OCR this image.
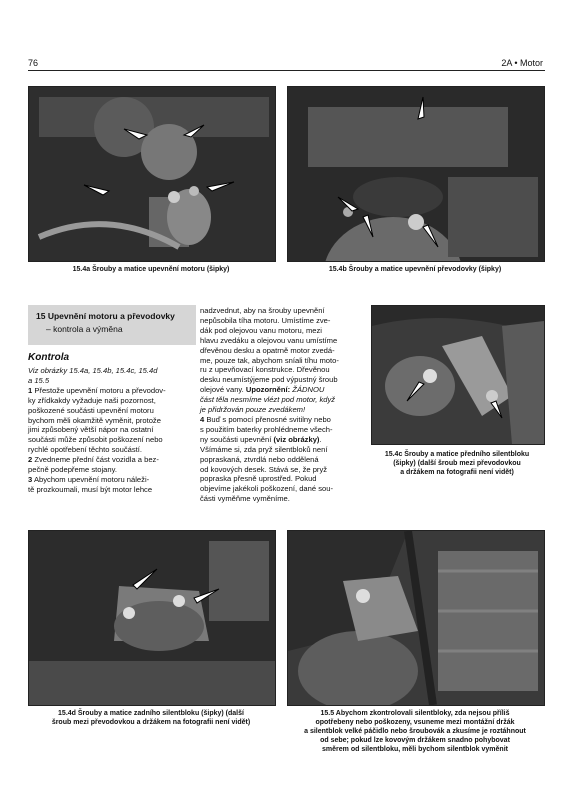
76	2A • Motor
15.4a Šrouby a matice upevnění motoru (šipky)	15.4b Šrouby a matice upevnění převodovky (šipky)
15 Upevnění motoru a převodovky
– kontrola a výměna
Kontrola

Viz obrázky 15.4a, 15.4b, 15.4c, 15.4d

a 15.5

1 Přestože upevnění motoru a převodov-

ky zřídkakdy vyžaduje naši pozornost,

poškozené součásti upevnění motoru

bychom měli okamžitě vyměnit, protože

jimi způsobený větší nápor na ostatní

součásti může způsobit poškození nebo

rychlé opotřebení těchto součástí.

2 Zvedneme přední část vozidla a bez-

pečně podepřeme stojany.

3 Abychom upevnění motoru náleži-

tě prozkoumali, musí být motor lehce

nadzvednut, aby na šrouby upevnění

nepůsobila tíha motoru. Umístíme zve-

dák pod olejovou vanu motoru, mezi

hlavu zvedáku a olejovou vanu umístíme

dřevěnou desku a opatrně motor zvedá-

me, pouze tak, abychom sníali tíhu moto-

ru z upevňovací konstrukce. Dřevěnou

desku neumístýjeme pod výpustný šroub

olejové vany. Upozornění: ŽÁDNOU

část těla nesmíme vlézt pod motor, když

je přidržován pouze zvedákem!

4 Buď s pomocí přenosné svitilny nebo

s použitím baterky prohlédneme všech-

ny součásti upevnění (viz obrázky).

Všímáme si, zda pryž silentbloků není

popraskaná, ztvrdlá nebo oddělená

od kovových desek. Stává se, že pryž

popraska přesně uprostřed. Pokud

objevíme jakékoli poškození, dané sou-

části vyměňme vyměníme.

15.4c Šrouby a matice předního silentbloku
(šipky) (další šroub mezi převodovkou
a držákem na fotografii není vidět)
15.4d Šrouby a matice zadního silentbloku (šipky) (další
šroub mezi převodovkou a držákem na fotografii není vidět)
15.5 Abychom zkontrolovali silentbloky, zda nejsou příliš
opotřebeny nebo poškozeny, vsuneme mezi montážní držák
a silentblok velké páčidlo nebo šroubovák a zkusíme je roztáhnout
od sebe; pokud lze kovovým držákem snadno pohybovat
směrem od silentbloku, měli bychom silentblok vyměnit
